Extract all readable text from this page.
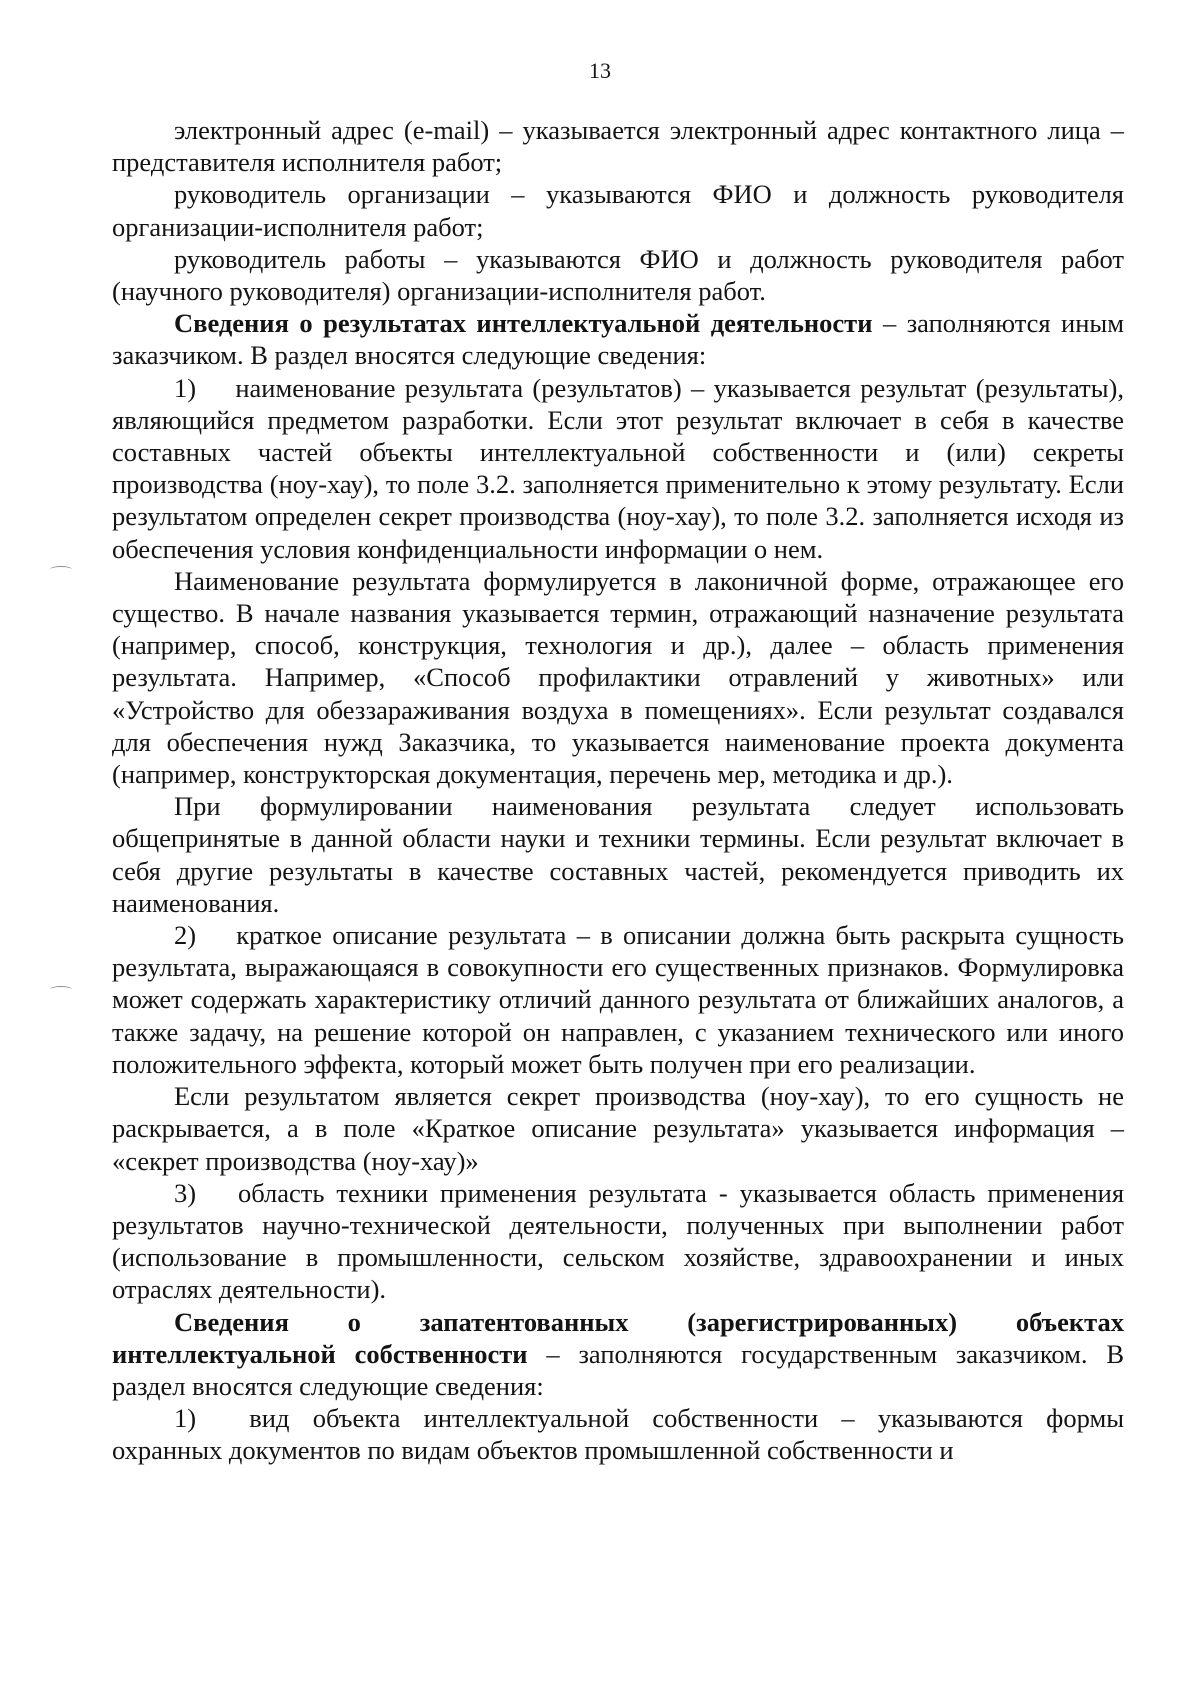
13

электронный адрес (e-mail) – указывается электронный адрес контактного лица – представителя исполнителя работ;

руководитель организации – указываются ФИО и должность руководителя организации-исполнителя работ;

руководитель работы – указываются ФИО и должность руководителя работ (научного руководителя) организации-исполнителя работ.

Сведения о результатах интеллектуальной деятельности – заполняются иным заказчиком. В раздел вносятся следующие сведения:

1) наименование результата (результатов) – указывается результат (результаты), являющийся предметом разработки. Если этот результат включает в себя в качестве составных частей объекты интеллектуальной собственности и (или) секреты производства (ноу-хау), то поле 3.2. заполняется применительно к этому результату. Если результатом определен секрет производства (ноу-хау), то поле 3.2. заполняется исходя из обеспечения условия конфиденциальности информации о нем.

Наименование результата формулируется в лаконичной форме, отражающее его существо. В начале названия указывается термин, отражающий назначение результата (например, способ, конструкция, технология и др.), далее – область применения результата. Например, «Способ профилактики отравлений у животных» или «Устройство для обеззараживания воздуха в помещениях». Если результат создавался для обеспечения нужд Заказчика, то указывается наименование проекта документа (например, конструкторская документация, перечень мер, методика и др.).

При формулировании наименования результата следует использовать общепринятые в данной области науки и техники термины. Если результат включает в себя другие результаты в качестве составных частей, рекомендуется приводить их наименования.

2) краткое описание результата – в описании должна быть раскрыта сущность результата, выражающаяся в совокупности его существенных признаков. Формулировка может содержать характеристику отличий данного результата от ближайших аналогов, а также задачу, на решение которой он направлен, с указанием технического или иного положительного эффекта, который может быть получен при его реализации.

Если результатом является секрет производства (ноу-хау), то его сущность не раскрывается, а в поле «Краткое описание результата» указывается информация – «секрет производства (ноу-хау)»

3) область техники применения результата - указывается область применения результатов научно-технической деятельности, полученных при выполнении работ (использование в промышленности, сельском хозяйстве, здравоохранении и иных отраслях деятельности).

Сведения о запатентованных (зарегистрированных) объектах интеллектуальной собственности – заполняются государственным заказчиком. В раздел вносятся следующие сведения:

1) вид объекта интеллектуальной собственности – указываются формы охранных документов по видам объектов промышленной собственности и
